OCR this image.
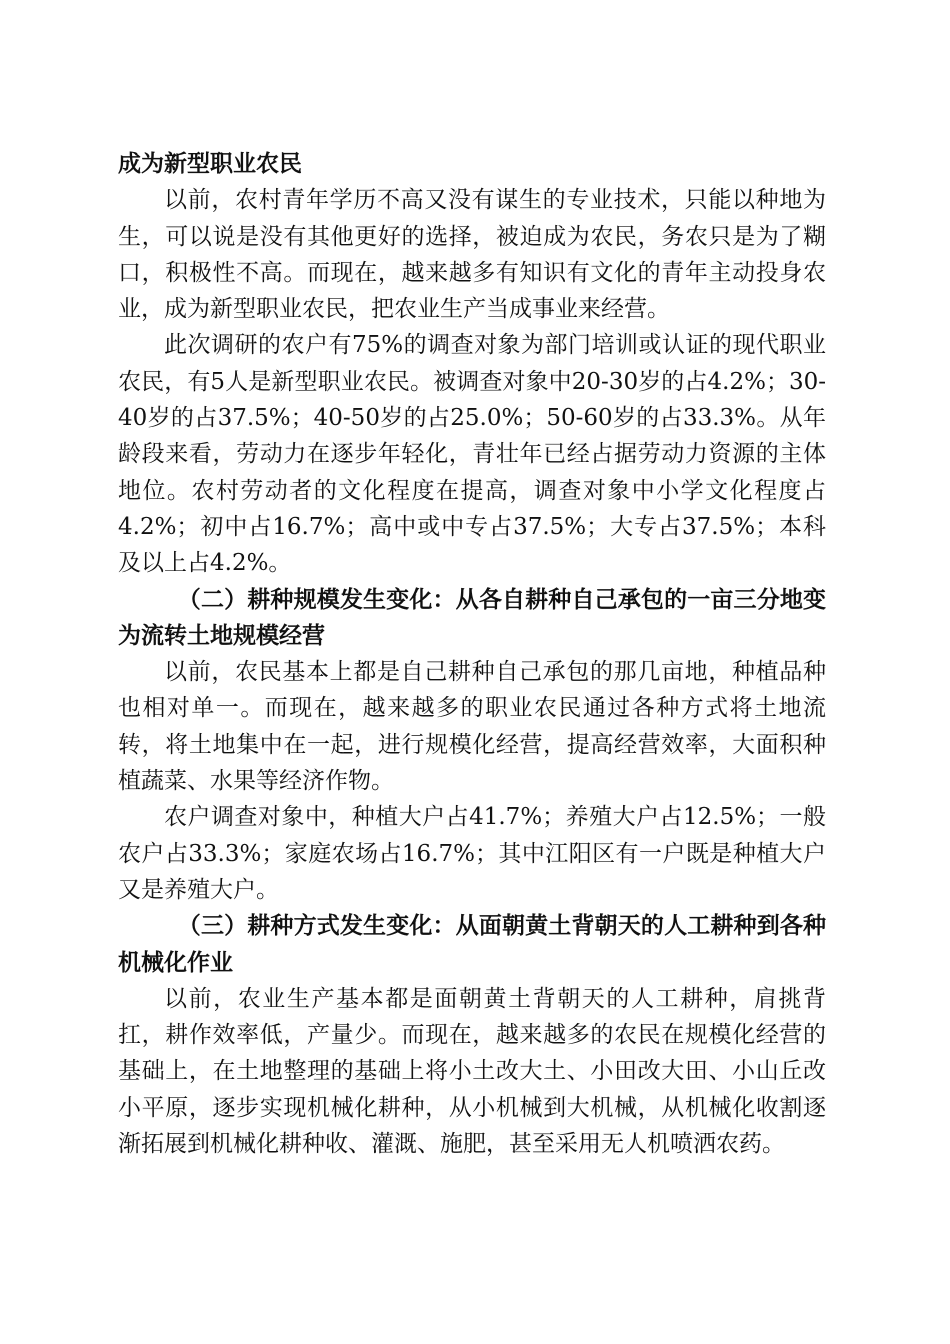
成为新型职业农民

以前，农村青年学历不高又没有谋生的专业技术，只能以种地为生，可以说是没有其他更好的选择，被迫成为农民，务农只是为了糊口，积极性不高。而现在，越来越多有知识有文化的青年主动投身农业，成为新型职业农民，把农业生产当成事业来经营。

此次调研的农户有75%的调查对象为部门培训或认证的现代职业农民，有5人是新型职业农民。被调查对象中20-30岁的占4.2%；30-40岁的占37.5%；40-50岁的占25.0%；50-60岁的占33.3%。从年龄段来看，劳动力在逐步年轻化，青壮年已经占据劳动力资源的主体地位。农村劳动者的文化程度在提高，调查对象中小学文化程度占4.2%；初中占16.7%；高中或中专占37.5%；大专占37.5%；本科及以上占4.2%。

（二）耕种规模发生变化：从各自耕种自己承包的一亩三分地变为流转土地规模经营

以前，农民基本上都是自己耕种自己承包的那几亩地，种植品种也相对单一。而现在，越来越多的职业农民通过各种方式将土地流转，将土地集中在一起，进行规模化经营，提高经营效率，大面积种植蔬菜、水果等经济作物。

农户调查对象中，种植大户占41.7%；养殖大户占12.5%；一般农户占33.3%；家庭农场占16.7%；其中江阳区有一户既是种植大户又是养殖大户。

（三）耕种方式发生变化：从面朝黄土背朝天的人工耕种到各种机械化作业

以前，农业生产基本都是面朝黄土背朝天的人工耕种，肩挑背扛，耕作效率低，产量少。而现在，越来越多的农民在规模化经营的基础上，在土地整理的基础上将小土改大土、小田改大田、小山丘改小平原，逐步实现机械化耕种，从小机械到大机械，从机械化收割逐渐拓展到机械化耕种收、灌溉、施肥，甚至采用无人机喷洒农药。
